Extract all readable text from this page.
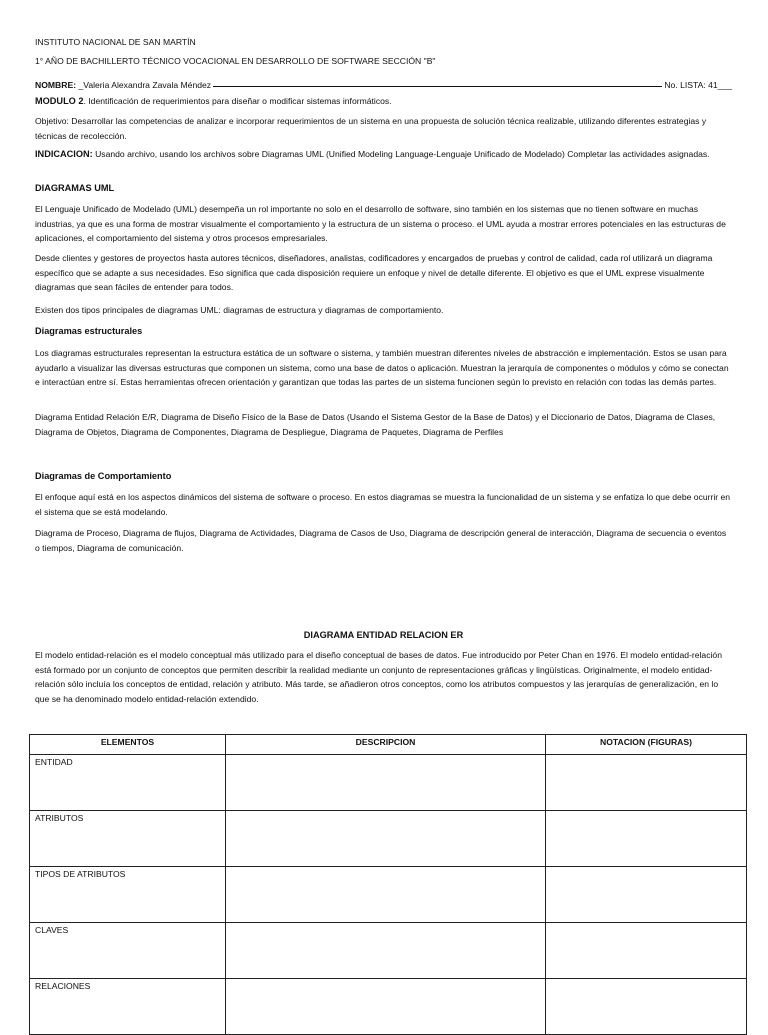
INSTITUTO NACIONAL DE SAN MARTÍN

1° AÑO DE BACHILLERTO TÉCNICO VOCACIONAL EN DESARROLLO DE SOFTWARE SECCIÓN "B"

NOMBRE:
_Valeria Alexandra Zavala Méndez	No. LISTA: 41___

MODULO 2. Identificación de requerimientos para diseñar o modificar sistemas informáticos.

Objetivo: Desarrollar las competencias de analizar e incorporar requerimientos de un sistema en una propuesta de solución técnica realizable, utilizando diferentes estrategias y técnicas de recolección.

INDICACION: Usando archivo, usando los archivos sobre Diagramas UML (Unified Modeling Language-Lenguaje Unificado de Modelado) Completar las actividades asignadas.

DIAGRAMAS UML

El Lenguaje Unificado de Modelado (UML) desempeña un rol importante no solo en el desarrollo de software, sino también en los sistemas que no tienen software en muchas industrias, ya que es una forma de mostrar visualmente el comportamiento y la estructura de un sistema o proceso. el UML ayuda a mostrar errores potenciales en las estructuras de aplicaciones, el comportamiento del sistema y otros procesos empresariales.

Desde clientes y gestores de proyectos hasta autores técnicos, diseñadores, analistas, codificadores y encargados de pruebas y control de calidad, cada rol utilizará un diagrama específico que se adapte a sus necesidades. Eso significa que cada disposición requiere un enfoque y nivel de detalle diferente. El objetivo es que el UML exprese visualmente diagramas que sean fáciles de entender para todos.

Existen dos tipos principales de diagramas UML: diagramas de estructura y diagramas de comportamiento.

Diagramas estructurales

Los diagramas estructurales representan la estructura estática de un software o sistema, y también muestran diferentes niveles de abstracción e implementación. Estos se usan para ayudarlo a visualizar las diversas estructuras que componen un sistema, como una base de datos o aplicación. Muestran la jerarquía de componentes o módulos y cómo se conectan e interactúan entre sí. Estas herramientas ofrecen orientación y garantizan que todas las partes de un sistema funcionen según lo previsto en relación con todas las demás partes.

Diagrama Entidad Relación E/R, Diagrama de Diseño Físico de la Base de Datos (Usando el Sistema Gestor de la Base de Datos) y el Diccionario de Datos, Diagrama de Clases, Diagrama de Objetos, Diagrama de Componentes, Diagrama de Despliegue, Diagrama de Paquetes, Diagrama de Perfiles

Diagramas de Comportamiento

El enfoque aquí está en los aspectos dinámicos del sistema de software o proceso. En estos diagramas se muestra la funcionalidad de un sistema y se enfatiza lo que debe ocurrir en el sistema que se está modelando.

Diagrama de Proceso, Diagrama de flujos, Diagrama de Actividades, Diagrama de Casos de Uso, Diagrama de descripción general de interacción, Diagrama de secuencia o eventos o tiempos, Diagrama de comunicación.

DIAGRAMA ENTIDAD RELACION ER

El modelo entidad-relación es el modelo conceptual más utilizado para el diseño conceptual de bases de datos. Fue introducido por Peter Chan en 1976. El modelo entidad-relación está formado por un conjunto de conceptos que permiten describir la realidad mediante un conjunto de representaciones gráficas y lingüísticas. Originalmente, el modelo entidad-relación sólo incluía los conceptos de entidad, relación y atributo. Más tarde, se añadieron otros conceptos, como los atributos compuestos y las jerarquías de generalización, en lo que se ha denominado modelo entidad-relación extendido.

ELEMENTOS	DESCRIPCION	NOTACION (FIGURAS)
ENTIDAD		
ATRIBUTOS		
TIPOS DE ATRIBUTOS		
CLAVES		
RELACIONES		
